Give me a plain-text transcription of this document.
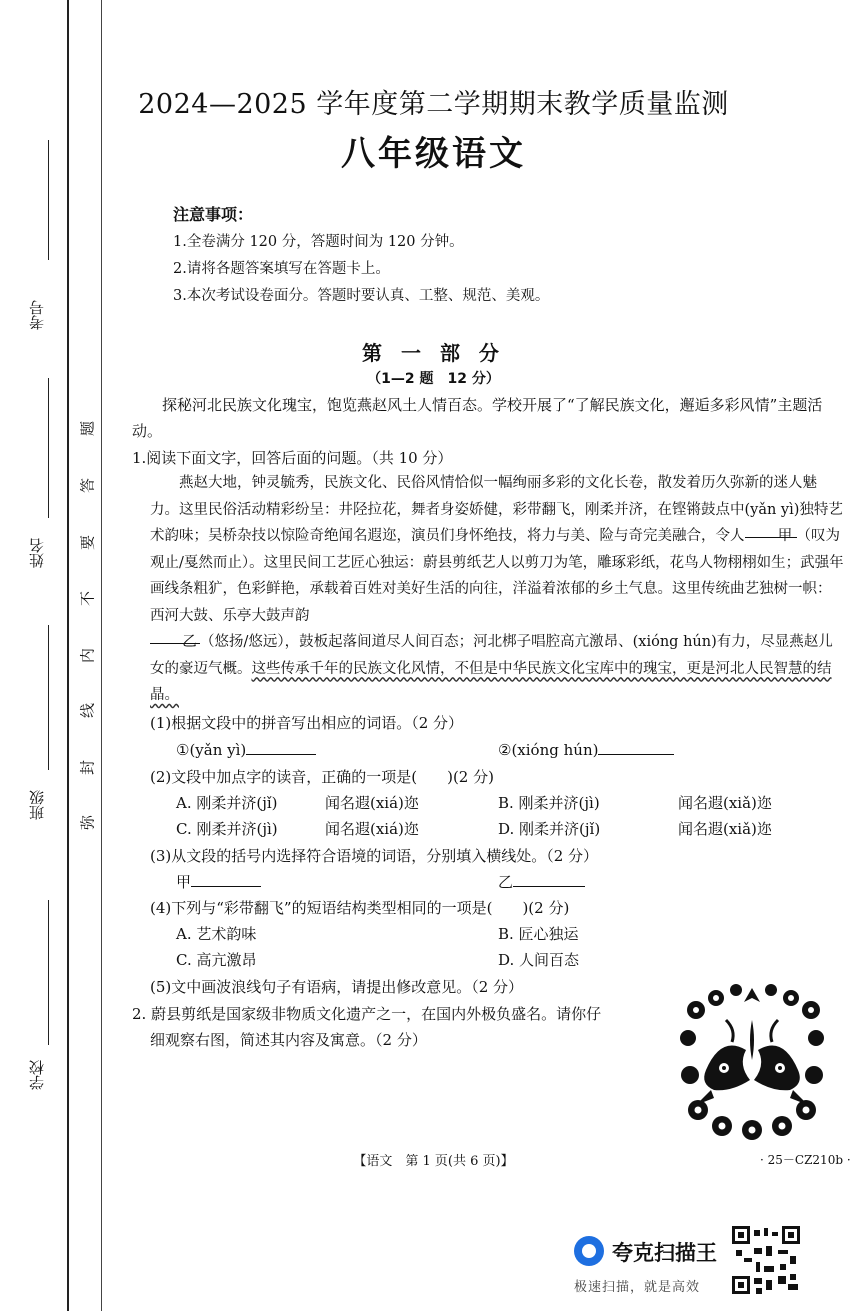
考号
姓名
班级
学校
题
答
要
不
内
线
封
弥
2024—2025 学年度第二学期期末教学质量监测
八年级语文
注意事项：
1.全卷满分 120 分，答题时间为 120 分钟。
2.请将各题答案填写在答题卡上。
3.本次考试设卷面分。答题时要认真、工整、规范、美观。
第 一 部 分
（1—2 题　12 分）
探秘河北民族文化瑰宝，饱览燕赵风土人情百态。学校开展了“了解民族文化，邂逅多彩风情”主题活动。
1.阅读下面文字，回答后面的问题。（共 10 分）
燕赵大地，钟灵毓秀，民族文化、民俗风情恰似一幅绚丽多彩的文化长卷，散发着历久弥新的迷人魅力。这里民俗活动精彩纷呈：井陉拉花，舞者身姿娇健，彩带翻飞，刚柔并济，在铿锵鼓点中(yǎn yì)独特艺术韵味；吴桥杂技以惊险奇绝闻名遐迩，演员们身怀绝技，将力与美、险与奇完美融合，令人 甲 （叹为观止/戛然而止）。这里民间工艺匠心独运：蔚县剪纸艺人以剪刀为笔，雕琢彩纸，花鸟人物栩栩如生；武强年画线条粗犷，色彩鲜艳，承载着百姓对美好生活的向往，洋溢着浓郁的乡土气息。这里传统曲艺独树一帜：西河大鼓、乐亭大鼓声韵
乙 （悠扬/悠远），鼓板起落间道尽人间百态；河北梆子唱腔高亢激昂、(xióng hún)有力，尽显燕赵儿女的豪迈气概。这些传承千年的民族文化风情，不但是中华民族文化宝库中的瑰宝，更是河北人民智慧的结晶。
(1)根据文段中的拼音写出相应的词语。（2 分）
①(yǎn yì)	②(xióng hún)
(2)文段中加点字的读音，正确的一项是(　　)(2 分)
A. 刚柔并济(jǐ)	闻名遐(xiá)迩	B. 刚柔并济(jì)	闻名遐(xiǎ)迩
C. 刚柔并济(jì)	闻名遐(xiá)迩	D. 刚柔并济(jǐ)	闻名遐(xiǎ)迩
(3)从文段的括号内选择符合语境的词语，分别填入横线处。（2 分）
甲	乙
(4)下列与“彩带翻飞”的短语结构类型相同的一项是(　　)(2 分)
A. 艺术韵味	B. 匠心独运
C. 高亢激昂	D. 人间百态
(5)文中画波浪线句子有语病，请提出修改意见。（2 分）
2. 蔚县剪纸是国家级非物质文化遗产之一，在国内外极负盛名。请你仔
细观察右图，简述其内容及寓意。（2 分）
【语文　第 1 页(共 6 页)】	· 25－CZ210b ·
夸克扫描王
极速扫描，就是高效
